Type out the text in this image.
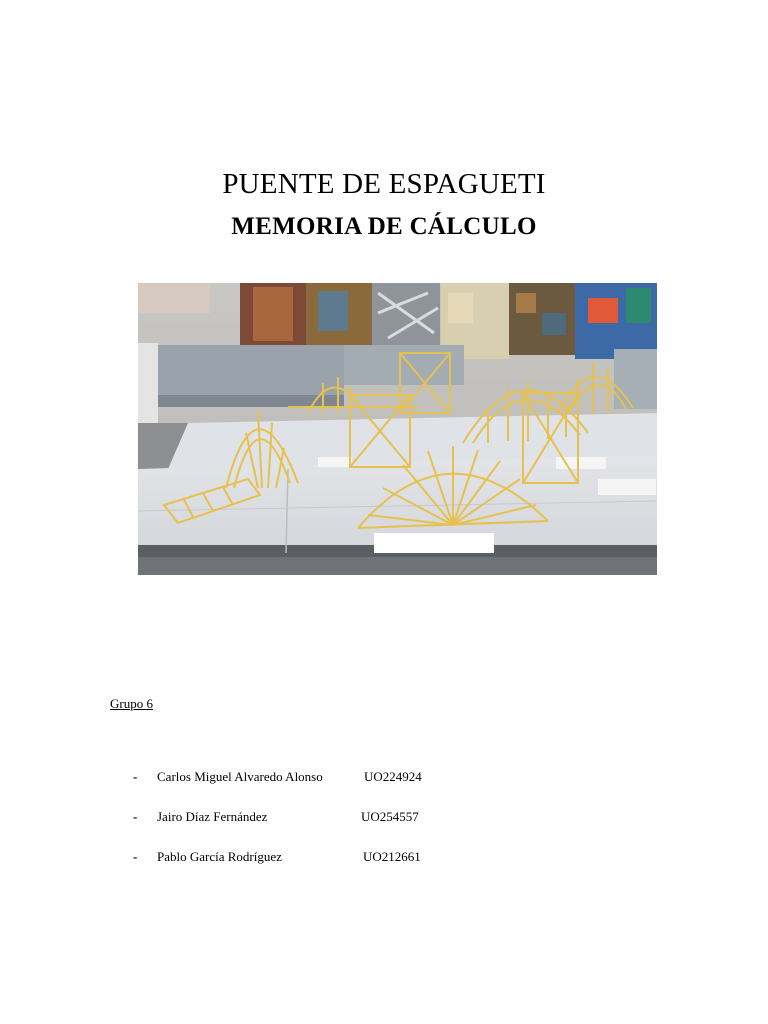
PUENTE DE ESPAGUETI
MEMORIA DE CÁLCULO

Grupo 6

- Carlos Miguel Alvaredo Alonso	UO224924
- Jairo Díaz Fernández	UO254557
- Pablo García Rodríguez	UO212661
